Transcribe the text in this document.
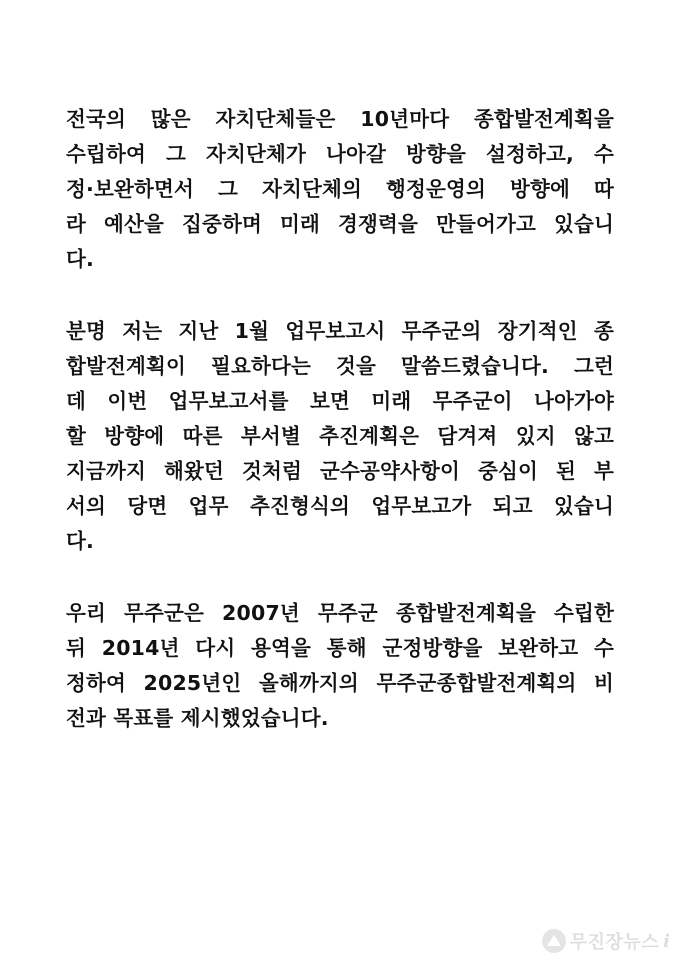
전국의 많은 자치단체들은 10년마다 종합발전계획을
수립하여 그 자치단체가 나아갈 방향을 설정하고, 수
정·보완하면서 그 자치단체의 행정운영의 방향에 따
라 예산을 집중하며 미래 경쟁력을 만들어가고 있습니
다.
분명 저는 지난 1월 업무보고시 무주군의 장기적인 종
합발전계획이 필요하다는 것을 말씀드렸습니다. 그런
데 이번 업무보고서를 보면 미래 무주군이 나아가야
할 방향에 따른 부서별 추진계획은 담겨져 있지 않고
지금까지 해왔던 것처럼 군수공약사항이 중심이 된 부
서의 당면 업무 추진형식의 업무보고가 되고 있습니
다.
우리 무주군은 2007년 무주군 종합발전계획을 수립한
뒤 2014년 다시 용역을 통해 군정방향을 보완하고 수
정하여 2025년인 올해까지의 무주군종합발전계획의 비
전과 목표를 제시했었습니다.
무진장뉴스 i
